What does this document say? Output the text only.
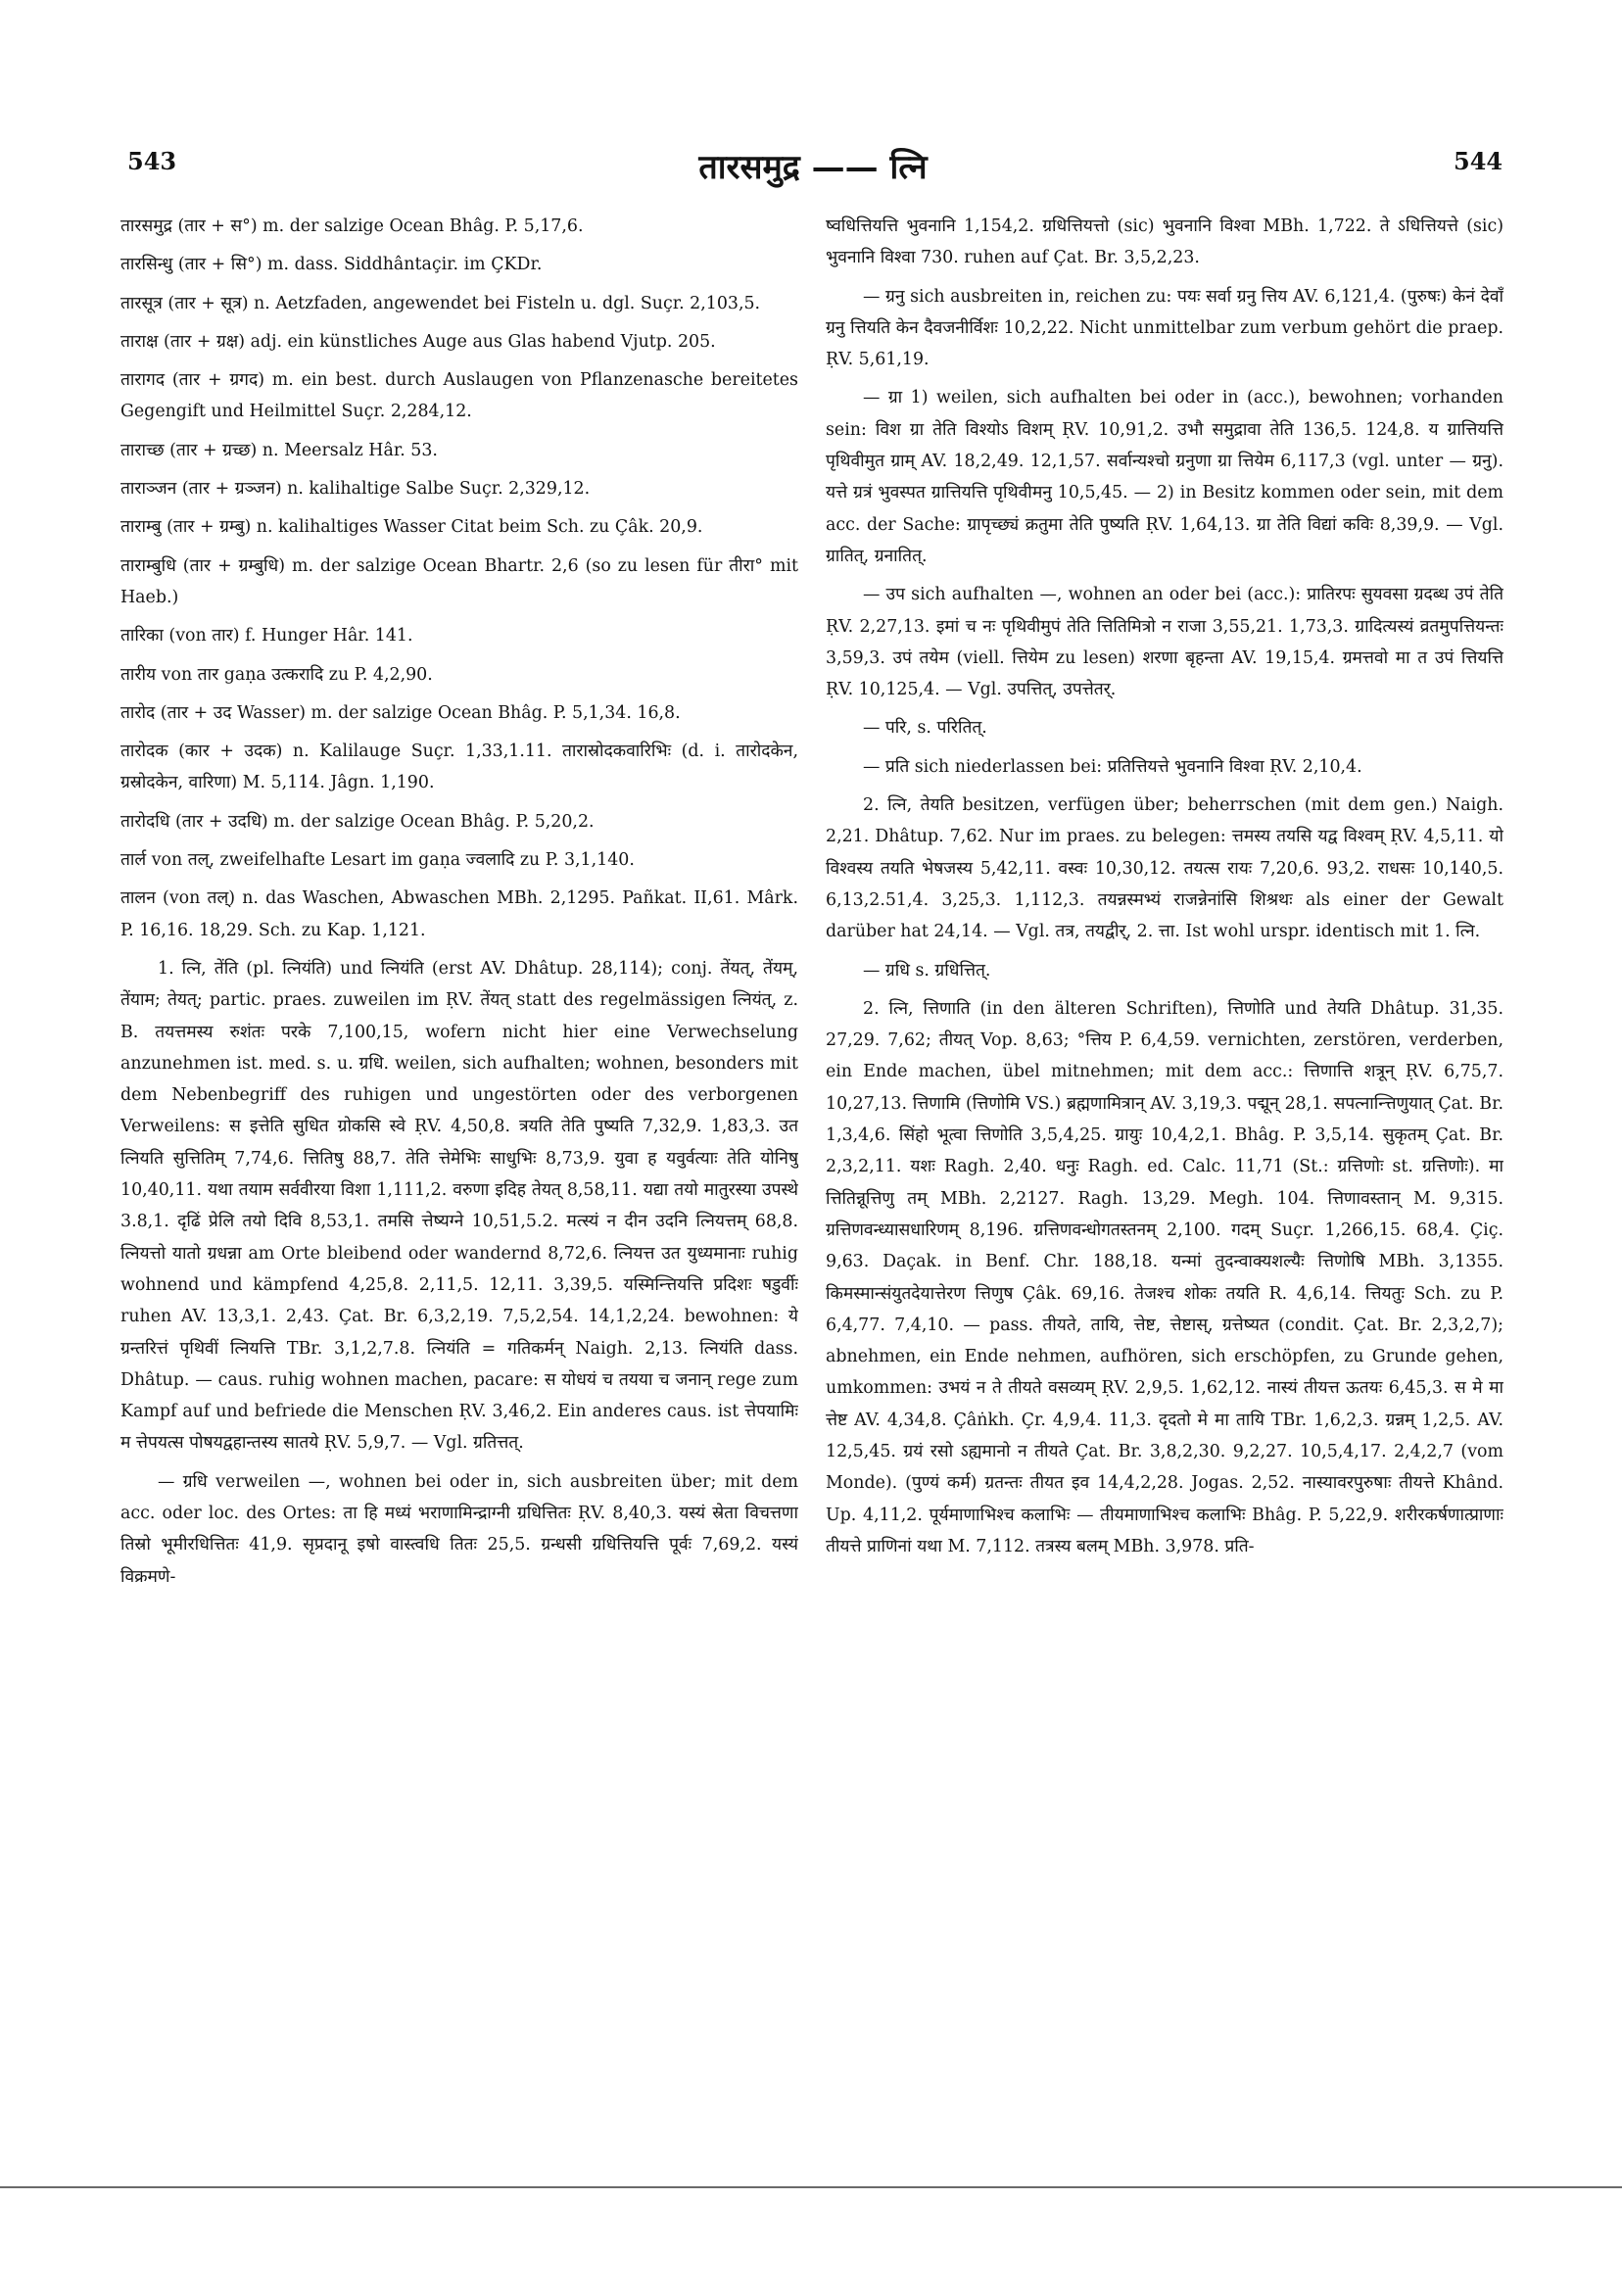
543	तारसमुद्र —— त्नि	544

तारसमुद्र (तार + स°) m. der salzige Ocean Bhâg. P. 5,17,6.

तारसिन्धु (तार + सि°) m. dass. Siddhântaçir. im ÇKDr.

तारसूत्र (तार + सूत्र) n. Aetzfaden, angewendet bei Fisteln u. dgl. Suçr. 2,103,5.

ताराक्ष (तार + ग्रक्ष) adj. ein künstliches Auge aus Glas habend Vjutp. 205.

तारागद (तार + ग्रगद) m. ein best. durch Auslaugen von Pflanzenasche bereitetes Gegengift und Heilmittel Suçr. 2,284,12.

ताराच्छ (तार + ग्रच्छ) n. Meersalz Hâr. 53.

ताराञ्जन (तार + ग्रञ्जन) n. kalihaltige Salbe Suçr. 2,329,12.

ताराम्बु (तार + ग्रम्बु) n. kalihaltiges Wasser Citat beim Sch. zu Çâk. 20,9.

ताराम्बुधि (तार + ग्रम्बुधि) m. der salzige Ocean Bhartr. 2,6 (so zu lesen für तीरा° mit Haeb.)

तारिका (von तार) f. Hunger Hâr. 141.

तारीय von तार gaṇa उत्करादि zu P. 4,2,90.

तारोद (तार + उद Wasser) m. der salzige Ocean Bhâg. P. 5,1,34. 16,8.

तारोदक (कार + उदक) n. Kalilauge Suçr. 1,33,1.11. तारास्रोदकवारिभिः (d. i. तारोदकेन, ग्रस्रोदकेन, वारिणा) M. 5,114. Jâgn. 1,190.

तारोदधि (तार + उदधि) m. der salzige Ocean Bhâg. P. 5,20,2.

तार्ल von तल्, zweifelhafte Lesart im gaṇa ज्वलादि zu P. 3,1,140.

तालन (von तल्) n. das Waschen, Abwaschen MBh. 2,1295. Pañkat. II,61. Mârk. P. 16,16. 18,29. Sch. zu Kap. 1,121.

1. त्नि, तेंति (pl. त्नियंति) und त्नियंति (erst AV. Dhâtup. 28,114); conj. तेंयत्, तेंयम्, तेंयाम; तेयत्; partic. praes. zuweilen im ṚV. तेंयत् statt des regelmässigen त्नियंत्, z. B. तयत्तमस्य रुशंतः परके 7,100,15, wofern nicht hier eine Verwechselung anzunehmen ist. med. s. u. ग्रधि. weilen, sich aufhalten; wohnen, besonders mit dem Nebenbegriff des ruhigen und ungestörten oder des verborgenen Verweilens: स इत्तेति सुधित ग्रोकसि स्वे ṚV. 4,50,8. त्रयति तेति पुष्यति 7,32,9. 1,83,3. उत त्नियति सुत्तितिम् 7,74,6. त्तितिषु 88,7. तेति त्तेमेभिः साधुभिः 8,73,9. युवा ह यवुर्वत्याः तेति योनिषु 10,40,11. यथा तयाम सर्ववीरया विशा 1,111,2. वरुणा इदिह तेयत् 8,58,11. यद्या तयो मातुरस्या उपस्थे 3.8,1. दृढिं प्रेलि तयो दिवि 8,53,1. तमसि त्तेष्यग्ने 10,51,5.2. मत्स्यं न दीन उदनि त्नियत्तम् 68,8. त्नियत्तो यातो ग्रधन्ना am Orte bleibend oder wandernd 8,72,6. त्नियत्त उत युध्यमानाः ruhig wohnend und kämpfend 4,25,8. 2,11,5. 12,11. 3,39,5. यस्मिन्त्तियत्ति प्रदिशः षडुर्वीः ruhen AV. 13,3,1. 2,43. Çat. Br. 6,3,2,19. 7,5,2,54. 14,1,2,24. bewohnen: ये ग्रन्तरित्तं पृथिवीं त्नियत्ति TBr. 3,1,2,7.8. त्नियंति = गतिकर्मन् Naigh. 2,13. त्नियंति dass. Dhâtup. — caus. ruhig wohnen machen, pacare: स योधयं च तयया च जनान् rege zum Kampf auf und befriede die Menschen ṚV. 3,46,2. Ein anderes caus. ist त्तेपयामिः म त्तेपयत्स पोषयद्वहान्तस्य सातये ṚV. 5,9,7. — Vgl. ग्रतित्तत्.

— ग्रधि verweilen —, wohnen bei oder in, sich ausbreiten über; mit dem acc. oder loc. des Ortes: ता हि मध्यं भराणामिन्द्राग्नी ग्रधित्तितः ṚV. 8,40,3. यस्यं स्रेता विचत्तणा तिस्रो भूमीरधित्तितः 41,9. सृप्रदानू इषो वास्त्वधि तितः 25,5. ग्रन्धसी ग्रधित्तियत्ति पूर्वः 7,69,2. यस्यं विक्रमणे-

ष्वधित्तियत्ति भुवनानि 1,154,2. ग्रधित्तियत्तो (sic) भुवनानि विश्वा MBh. 1,722. ते ऽधित्तियत्ते (sic) भुवनानि विश्वा 730. ruhen auf Çat. Br. 3,5,2,23.

— ग्रनु sich ausbreiten in, reichen zu: पयः सर्वा ग्रनु त्तिय AV. 6,121,4. (पुरुषः) केनं देवाँ ग्रनु त्तियति केन दैवजनीर्विशः 10,2,22. Nicht unmittelbar zum verbum gehört die praep. ṚV. 5,61,19.

— ग्रा 1) weilen, sich aufhalten bei oder in (acc.), bewohnen; vorhanden sein: विश ग्रा तेति विश्योऽ विशम् ṚV. 10,91,2. उभौ समुद्रावा तेति 136,5. 124,8. य ग्रात्तियत्ति पृथिवीमुत ग्राम् AV. 18,2,49. 12,1,57. सर्वान्यश्चो ग्रनुणा ग्रा त्तियेम 6,117,3 (vgl. unter — ग्रनु). यत्ते ग्रत्रं भुवस्पत ग्रात्तियत्ति पृथिवीमनु 10,5,45. — 2) in Besitz kommen oder sein, mit dem acc. der Sache: ग्रापृच्छ्यं क्रतुमा तेति पुष्यति ṚV. 1,64,13. ग्रा तेति विद्यां कविः 8,39,9. — Vgl. ग्रातित्, ग्रनातित्.

— उप sich aufhalten —, wohnen an oder bei (acc.): प्रातिरपः सुयवसा ग्रदब्ध उपं तेति ṚV. 2,27,13. इमां च नः पृथिवीमुपं तेति त्तितिमित्रो न राजा 3,55,21. 1,73,3. ग्रादित्यस्यं व्रतमुपत्तियन्तः 3,59,3. उपं तयेम (viell. त्तियेम zu lesen) शरणा बृहन्ता AV. 19,15,4. ग्रमत्तवो मा त उपं त्तियत्ति ṚV. 10,125,4. — Vgl. उपत्तित्, उपत्तेतर्.

— परि, s. परितित्.

— प्रति sich niederlassen bei: प्रतित्तियत्ते भुवनानि विश्वा ṚV. 2,10,4.

2. त्नि, तेयति besitzen, verfügen über; beherrschen (mit dem gen.) Naigh. 2,21. Dhâtup. 7,62. Nur im praes. zu belegen: त्तमस्य तयसि यद्व विश्वम् ṚV. 4,5,11. यो विश्वस्य तयति भेषजस्य 5,42,11. वस्वः 10,30,12. तयत्स रायः 7,20,6. 93,2. राधसः 10,140,5. 6,13,2.51,4. 3,25,3. 1,112,3. तयन्नस्मभ्यं राजन्नेनांसि शिश्रथः als einer der Gewalt darüber hat 24,14. — Vgl. तत्र, तयद्वीर्, 2. त्ता. Ist wohl urspr. identisch mit 1. त्नि.

— ग्रधि s. ग्रधित्तित्.

2. त्नि, त्तिणाति (in den älteren Schriften), त्तिणोति und तेयति Dhâtup. 31,35. 27,29. 7,62; तीयत् Vop. 8,63; °त्तिय P. 6,4,59. vernichten, zerstören, verderben, ein Ende machen, übel mitnehmen; mit dem acc.: त्तिणात्ति शत्रून् ṚV. 6,75,7. 10,27,13. त्तिणामि (त्तिणोमि VS.) ब्रह्मणामित्रान् AV. 3,19,3. पद्मून् 28,1. सपत्नान्त्तिणुयात् Çat. Br. 1,3,4,6. सिंहो भूत्वा त्तिणोति 3,5,4,25. ग्रायुः 10,4,2,1. Bhâg. P. 3,5,14. सुकृतम् Çat. Br. 2,3,2,11. यशः Ragh. 2,40. धनुः Ragh. ed. Calc. 11,71 (St.: ग्रत्तिणोः st. ग्रत्तिणोः). मा त्तितिन्नूत्तिणु तम् MBh. 2,2127. Ragh. 13,29. Megh. 104. त्तिणावस्तान् M. 9,315. ग्रत्तिणवन्ध्यासधारिणम् 8,196. ग्रत्तिणवन्धोगतस्तनम् 2,100. गदम् Suçr. 1,266,15. 68,4. Çiç. 9,63. Daçak. in Benf. Chr. 188,18. यन्मां तुदन्वाक्यशल्यैः त्तिणोषि MBh. 3,1355. किमस्मान्संयुतदेयात्तेरण त्तिणुष Çâk. 69,16. तेजश्च शोकः तयति R. 4,6,14. त्तियतुः Sch. zu P. 6,4,77. 7,4,10. — pass. तीयते, तायि, त्तेष्ट, त्तेष्टास्, ग्रत्तेष्यत (condit. Çat. Br. 2,3,2,7); abnehmen, ein Ende nehmen, aufhören, sich erschöpfen, zu Grunde gehen, umkommen: उभयं न ते तीयते वसव्यम् ṚV. 2,9,5. 1,62,12. नास्यं तीयत्त ऊतयः 6,45,3. स मे मा त्तेष्ट AV. 4,34,8. Çâṅkh. Çr. 4,9,4. 11,3. दृदतो मे मा तायि TBr. 1,6,2,3. ग्रन्नम् 1,2,5. AV. 12,5,45. ग्रयं रसो ऽह्यमानो न तीयते Çat. Br. 3,8,2,30. 9,2,27. 10,5,4,17. 2,4,2,7 (vom Monde). (पुण्यं कर्म) ग्रतन्तः तीयत इव 14,4,2,28. Jogas. 2,52. नास्यावरपुरुषाः तीयत्ते Khând. Up. 4,11,2. पूर्यमाणाभिश्च कलाभिः — तीयमाणाभिश्च कलाभिः Bhâg. P. 5,22,9. शरीरकर्षणात्प्राणाः तीयत्ते प्राणिनां यथा M. 7,112. तत्रस्य बलम् MBh. 3,978. प्रति-
